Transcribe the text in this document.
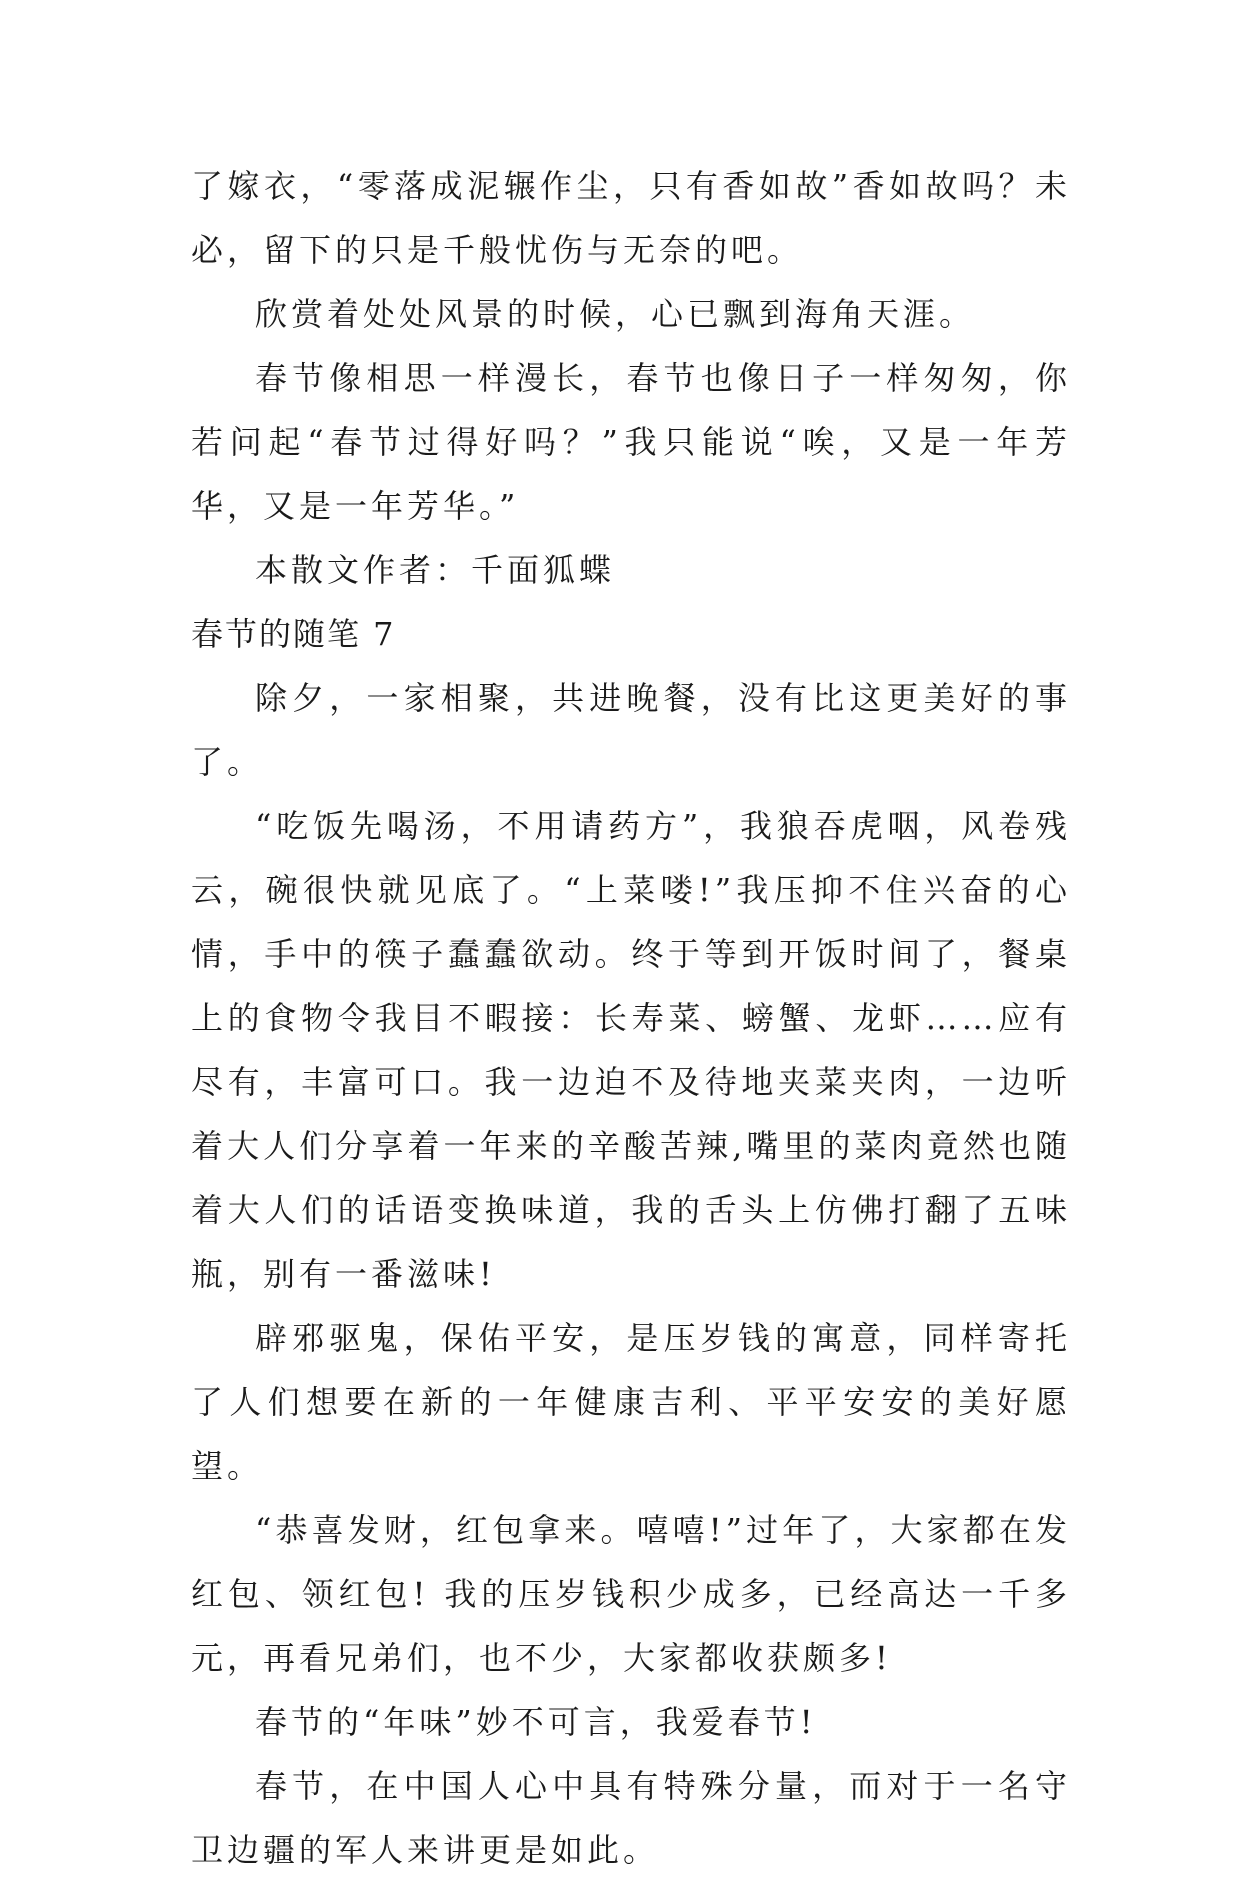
了嫁衣，“零落成泥辗作尘，只有香如故”香如故吗？未必，留下的只是千般忧伤与无奈的吧。

欣赏着处处风景的时候，心已飘到海角天涯。

春节像相思一样漫长，春节也像日子一样匆匆，你若问起“春节过得好吗？”我只能说“唉，又是一年芳华，又是一年芳华。”

本散文作者：千面狐蝶

春节的随笔 7

除夕，一家相聚，共进晚餐，没有比这更美好的事了。

“吃饭先喝汤，不用请药方”，我狼吞虎咽，风卷残云，碗很快就见底了。“上菜喽!”我压抑不住兴奋的心情，手中的筷子蠢蠢欲动。终于等到开饭时间了，餐桌上的食物令我目不暇接：长寿菜、螃蟹、龙虾……应有尽有，丰富可口。我一边迫不及待地夹菜夹肉，一边听着大人们分享着一年来的辛酸苦辣,嘴里的菜肉竟然也随着大人们的话语变换味道，我的舌头上仿佛打翻了五味瓶，别有一番滋味!

辟邪驱鬼，保佑平安，是压岁钱的寓意，同样寄托了人们想要在新的一年健康吉利、平平安安的美好愿望。

“恭喜发财，红包拿来。嘻嘻!”过年了，大家都在发红包、领红包! 我的压岁钱积少成多，已经高达一千多元，再看兄弟们，也不少，大家都收获颇多!

春节的“年味”妙不可言，我爱春节!

春节，在中国人心中具有特殊分量，而对于一名守卫边疆的军人来讲更是如此。
